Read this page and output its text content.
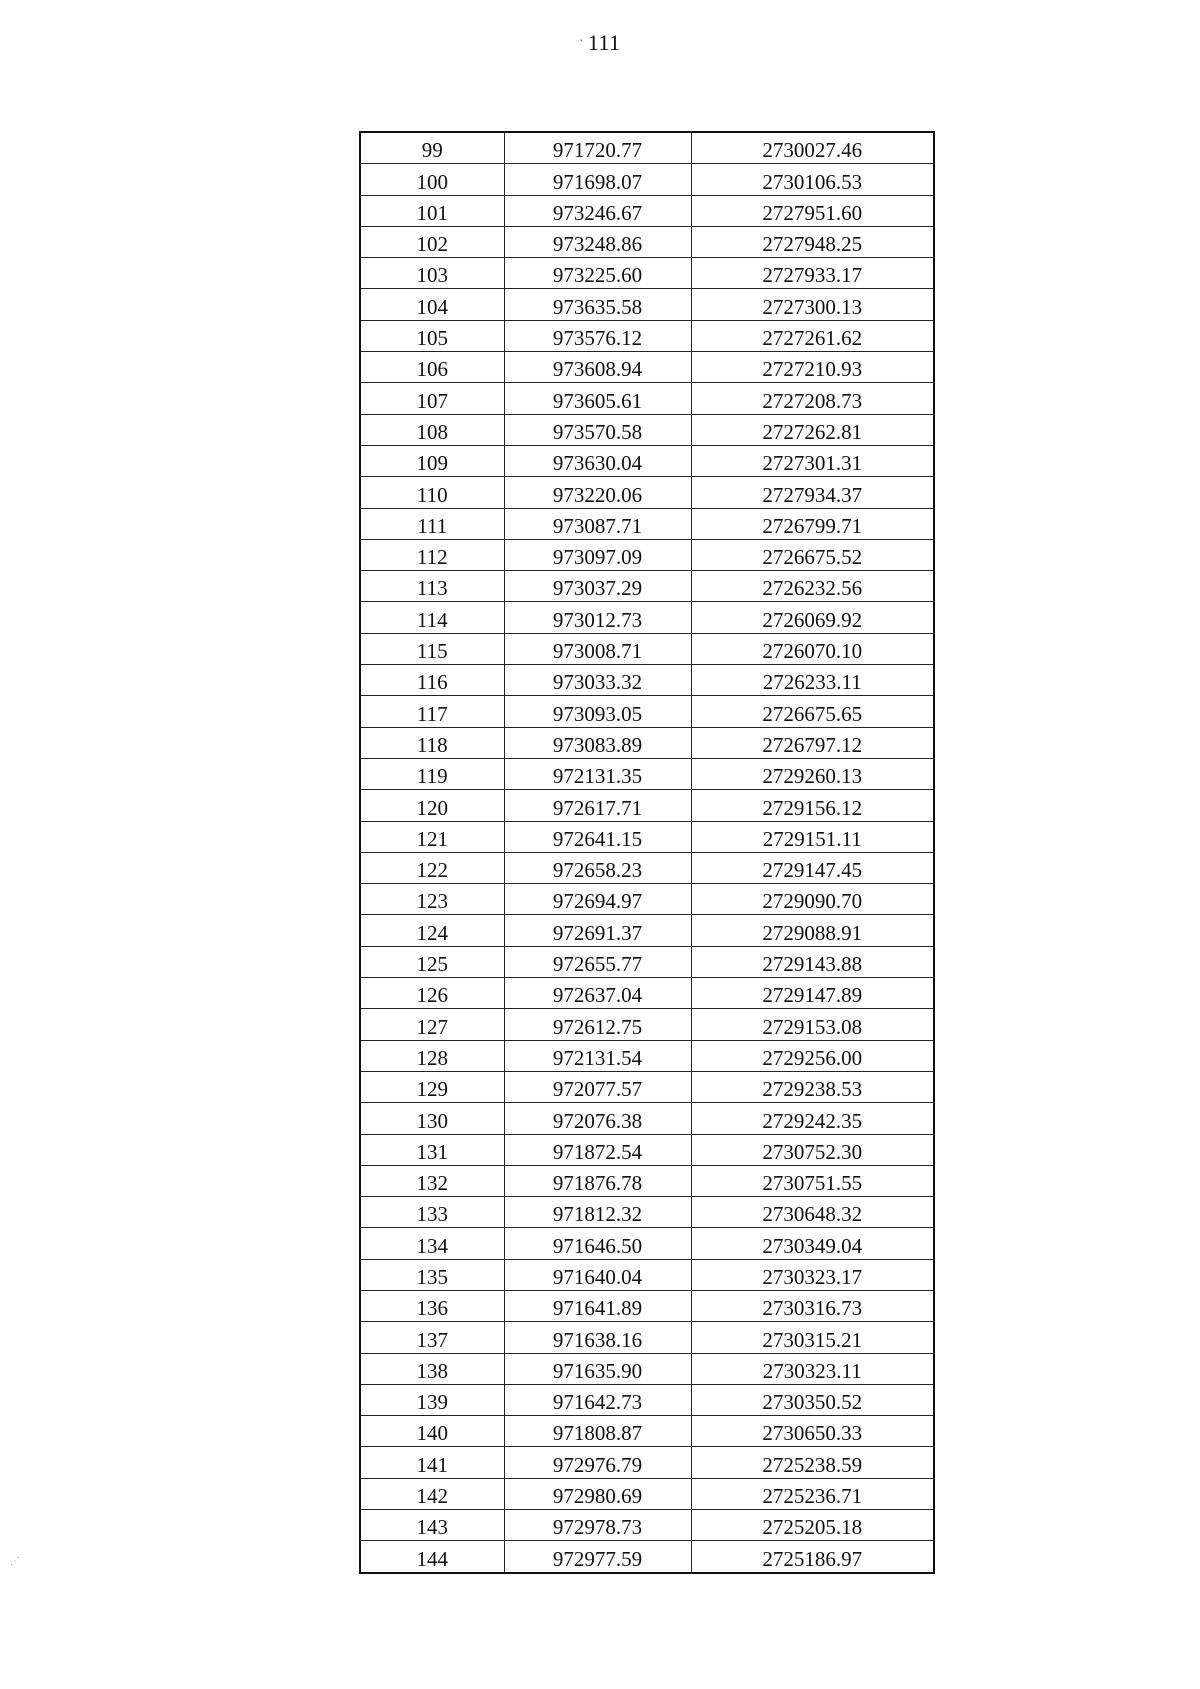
ˋ 111
⋰
99	971720.77	2730027.46
100	971698.07	2730106.53
101	973246.67	2727951.60
102	973248.86	2727948.25
103	973225.60	2727933.17
104	973635.58	2727300.13
105	973576.12	2727261.62
106	973608.94	2727210.93
107	973605.61	2727208.73
108	973570.58	2727262.81
109	973630.04	2727301.31
110	973220.06	2727934.37
111	973087.71	2726799.71
112	973097.09	2726675.52
113	973037.29	2726232.56
114	973012.73	2726069.92
115	973008.71	2726070.10
116	973033.32	2726233.11
117	973093.05	2726675.65
118	973083.89	2726797.12
119	972131.35	2729260.13
120	972617.71	2729156.12
121	972641.15	2729151.11
122	972658.23	2729147.45
123	972694.97	2729090.70
124	972691.37	2729088.91
125	972655.77	2729143.88
126	972637.04	2729147.89
127	972612.75	2729153.08
128	972131.54	2729256.00
129	972077.57	2729238.53
130	972076.38	2729242.35
131	971872.54	2730752.30
132	971876.78	2730751.55
133	971812.32	2730648.32
134	971646.50	2730349.04
135	971640.04	2730323.17
136	971641.89	2730316.73
137	971638.16	2730315.21
138	971635.90	2730323.11
139	971642.73	2730350.52
140	971808.87	2730650.33
141	972976.79	2725238.59
142	972980.69	2725236.71
143	972978.73	2725205.18
144	972977.59	2725186.97
